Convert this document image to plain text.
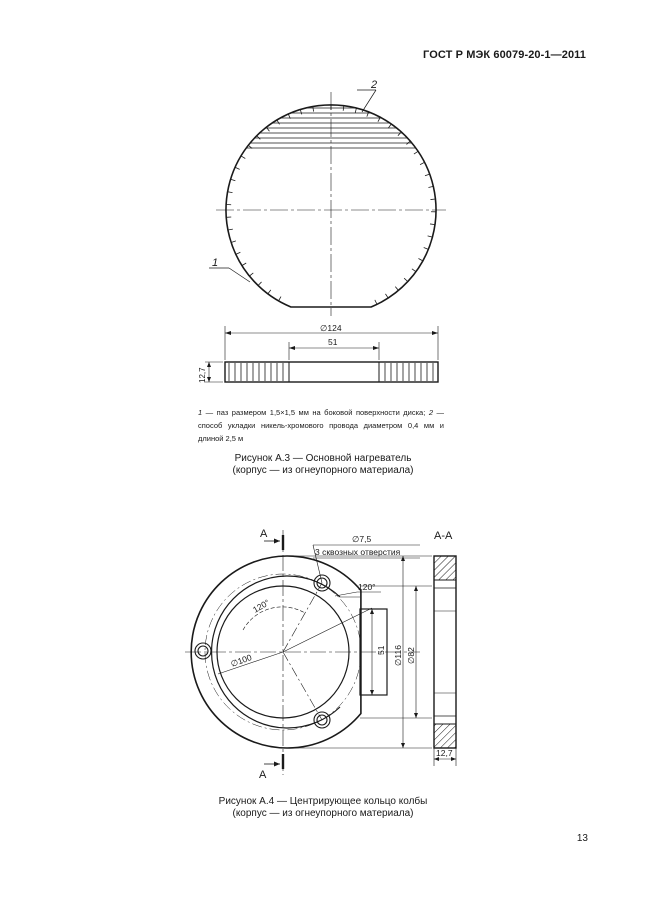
ГОСТ Р МЭК 60079-20-1—2011
2
1
∅124
51
12,7
1 — паз размером 1,5×1,5 мм на боковой поверхности диска; 2 — способ укладки никель-хромового провода диаметром 0,4 мм и длиной 2,5 м
Рисунок А.3 — Основной нагреватель
(корпус — из огнеупорного материала)
120°
120°
∅100
∅7,5
3 сквозных отверстия
А
А
51 ∅116 ∅82
А-А
12,7
Рисунок А.4 — Центрирующее кольцо колбы
(корпус — из огнеупорного материала)
13
